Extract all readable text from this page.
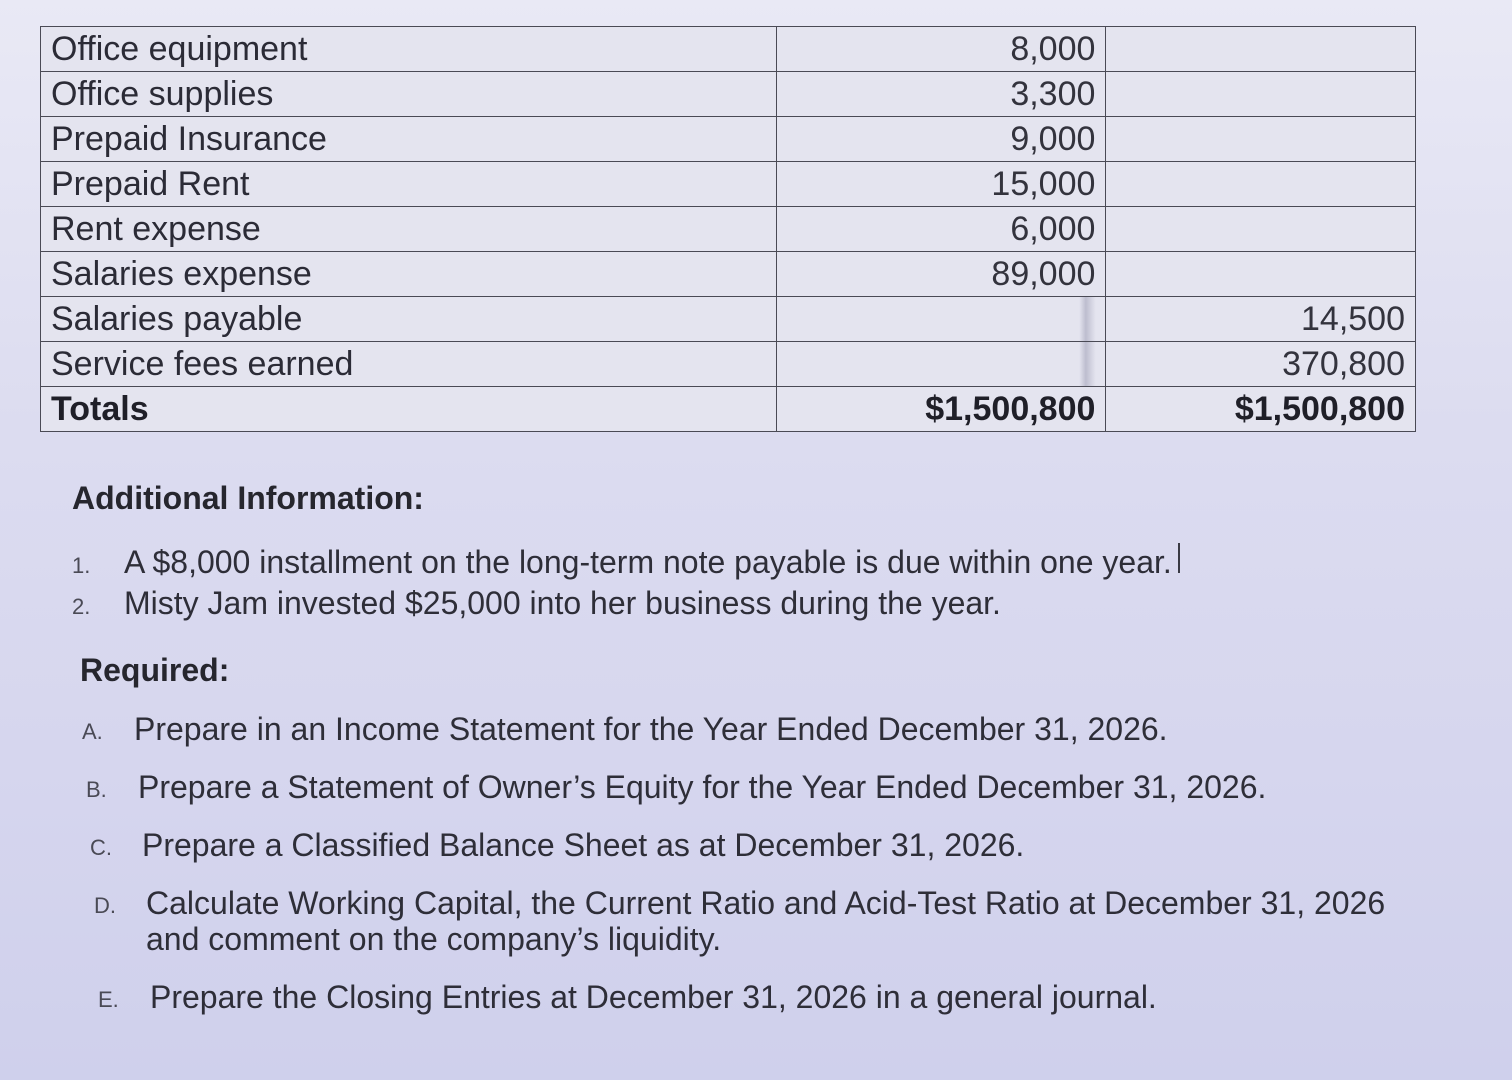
Office equipment	8,000	
Office supplies	3,300	
Prepaid Insurance	9,000	
Prepaid Rent	15,000	
Rent expense	6,000	
Salaries expense	89,000	
Salaries payable		14,500
Service fees earned		370,800
Totals	$1,500,800	$1,500,800
Additional Information:
1.	A $8,000 installment on the long-term note payable is due within one year.
2.	Misty Jam invested $25,000 into her business during the year.
Required:
A. Prepare in an Income Statement for the Year Ended December 31, 2026.
B. Prepare a Statement of Owner’s Equity for the Year Ended December 31, 2026.
C. Prepare a Classified Balance Sheet as at December 31, 2026.
D. Calculate Working Capital, the Current Ratio and Acid-Test Ratio at December 31, 2026 and comment on the company’s liquidity.
E. Prepare the Closing Entries at December 31, 2026 in a general journal.
